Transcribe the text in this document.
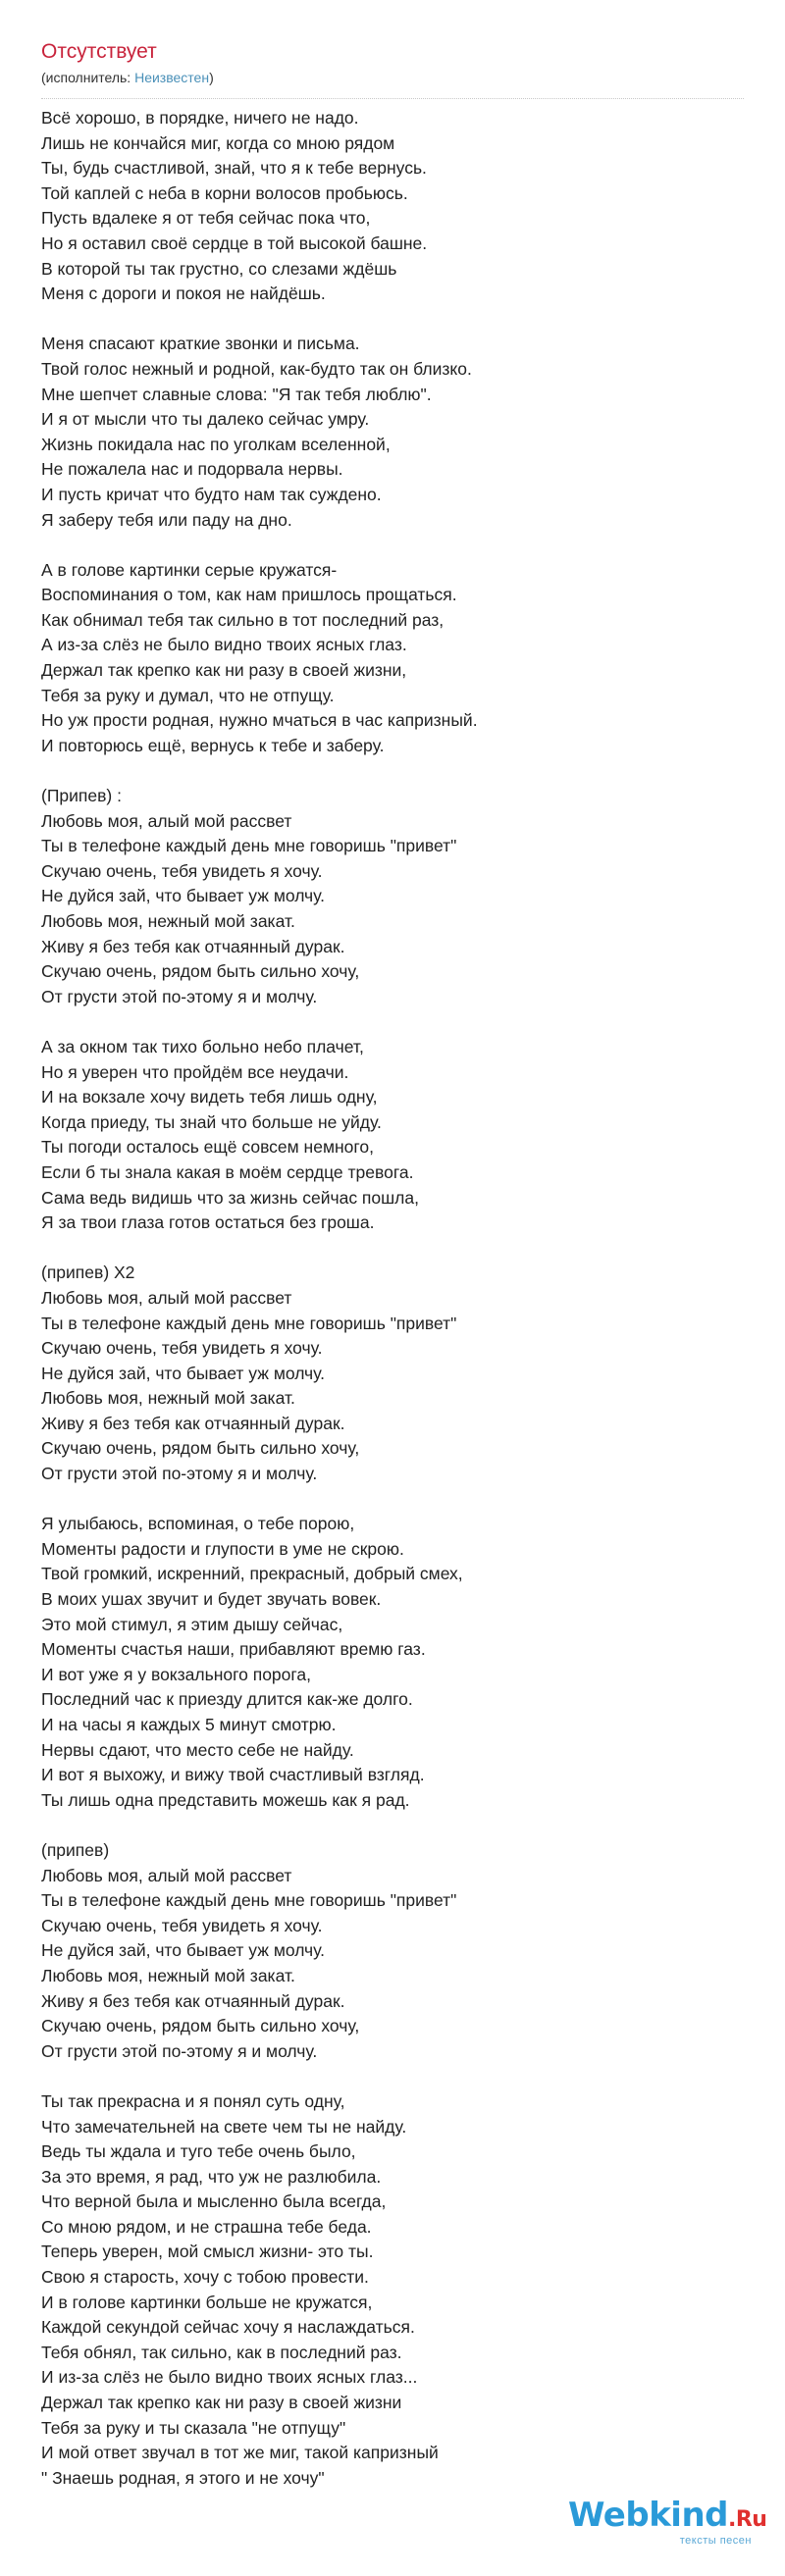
Отсутствует
(исполнитель: Неизвестен)
Всё хорошо, в порядке, ничего не надо.
Лишь не кончайся миг, когда со мною рядом
Ты, будь счастливой, знай, что я к тебе вернусь.
Той каплей с неба в корни волосов пробьюсь.
Пусть вдалеке я от тебя сейчас пока что,
Но я оставил своё сердце в той высокой башне.
В которой ты так грустно, со слезами ждёшь
Меня с дороги и покоя не найдёшь.
Меня спасают краткие звонки и письма.
Твой голос нежный и родной, как-будто так он близко.
Мне шепчет славные слова: "Я так тебя люблю".
И я от мысли что ты далеко сейчас умру.
Жизнь покидала нас по уголкам вселенной,
Не пожалела нас и подорвала нервы.
И пусть кричат что будто нам так суждено.
Я заберу тебя или паду на дно.
А в голове картинки серые кружатся-
Воспоминания о том, как нам пришлось прощаться.
Как обнимал тебя так сильно в тот последний раз,
А из-за слёз не было видно твоих ясных глаз.
Держал так крепко как ни разу в своей жизни,
Тебя за руку и думал, что не отпущу.
Но уж прости родная, нужно мчаться в час капризный.
И повторюсь ещё, вернусь к тебе и заберу.
(Припев) :
Любовь моя, алый мой рассвет
Ты в телефоне каждый день мне говоришь "привет"
Скучаю очень, тебя увидеть я хочу.
Не дуйся зай, что бывает уж молчу.
Любовь моя, нежный мой закат.
Живу я без тебя как отчаянный дурак.
Скучаю очень, рядом быть сильно хочу,
От грусти этой по-этому я и молчу.
А за окном так тихо больно небо плачет,
Но я уверен что пройдём все неудачи.
И на вокзале хочу видеть тебя лишь одну,
Когда приеду, ты знай что больше не уйду.
Ты погоди осталось ещё совсем немного,
Если б ты знала какая в моём сердце тревога.
Сама ведь видишь что за жизнь сейчас пошла,
Я за твои глаза готов остаться без гроша.
(припев) Х2
Любовь моя, алый мой рассвет
Ты в телефоне каждый день мне говоришь "привет"
Скучаю очень, тебя увидеть я хочу.
Не дуйся зай, что бывает уж молчу.
Любовь моя, нежный мой закат.
Живу я без тебя как отчаянный дурак.
Скучаю очень, рядом быть сильно хочу,
От грусти этой по-этому я и молчу.
Я улыбаюсь, вспоминая, о тебе порою,
Моменты радости и глупости в уме не скрою.
Твой громкий, искренний, прекрасный, добрый смех,
В моих ушах звучит и будет звучать вовек.
Это мой стимул, я этим дышу сейчас,
Моменты счастья наши, прибавляют времю газ.
И вот уже я у вокзального порога,
Последний час к приезду длится как-же долго.
И на часы я каждых 5 минут смотрю.
Нервы сдают, что место себе не найду.
И вот я выхожу, и вижу твой счастливый взгляд.
Ты лишь одна представить можешь как я рад.
(припев)
Любовь моя, алый мой рассвет
Ты в телефоне каждый день мне говоришь "привет"
Скучаю очень, тебя увидеть я хочу.
Не дуйся зай, что бывает уж молчу.
Любовь моя, нежный мой закат.
Живу я без тебя как отчаянный дурак.
Скучаю очень, рядом быть сильно хочу,
От грусти этой по-этому я и молчу.
Ты так прекрасна и я понял суть одну,
Что замечательней на свете чем ты не найду.
Ведь ты ждала и туго тебе очень было,
За это время, я рад, что уж не разлюбила.
Что верной была и мысленно была всегда,
Со мною рядом, и не страшна тебе беда.
Теперь уверен, мой смысл жизни- это ты.
Свою я старость, хочу с тобою провести.
И в голове картинки больше не кружатся,
Каждой секундой сейчас хочу я наслаждаться.
Тебя обнял, так сильно, как в последний раз.
И из-за слёз не было видно твоих ясных глаз...
Держал так крепко как ни разу в своей жизни
Тебя за руку и ты сказала "не отпущу"
И мой ответ звучал в тот же миг, такой капризный
" Знаешь родная, я этого и не хочу"
Webkind.Ru
тексты песен
